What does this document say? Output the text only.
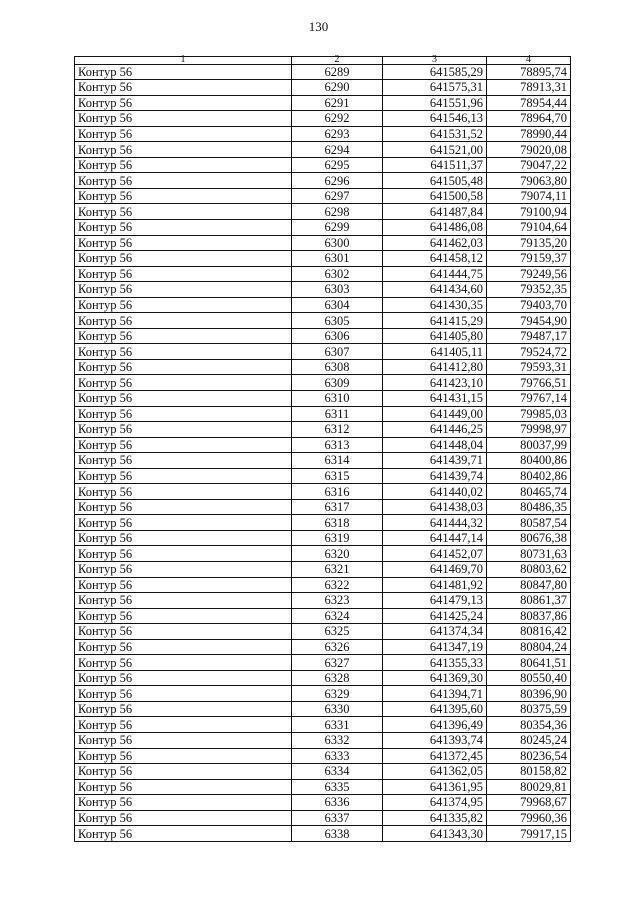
130
1	2	3	4
Контур 56	6289	641585,29	78895,74
Контур 56	6290	641575,31	78913,31
Контур 56	6291	641551,96	78954,44
Контур 56	6292	641546,13	78964,70
Контур 56	6293	641531,52	78990,44
Контур 56	6294	641521,00	79020,08
Контур 56	6295	641511,37	79047,22
Контур 56	6296	641505,48	79063,80
Контур 56	6297	641500,58	79074,11
Контур 56	6298	641487,84	79100,94
Контур 56	6299	641486,08	79104,64
Контур 56	6300	641462,03	79135,20
Контур 56	6301	641458,12	79159,37
Контур 56	6302	641444,75	79249,56
Контур 56	6303	641434,60	79352,35
Контур 56	6304	641430,35	79403,70
Контур 56	6305	641415,29	79454,90
Контур 56	6306	641405,80	79487,17
Контур 56	6307	641405,11	79524,72
Контур 56	6308	641412,80	79593,31
Контур 56	6309	641423,10	79766,51
Контур 56	6310	641431,15	79767,14
Контур 56	6311	641449,00	79985,03
Контур 56	6312	641446,25	79998,97
Контур 56	6313	641448,04	80037,99
Контур 56	6314	641439,71	80400,86
Контур 56	6315	641439,74	80402,86
Контур 56	6316	641440,02	80465,74
Контур 56	6317	641438,03	80486,35
Контур 56	6318	641444,32	80587,54
Контур 56	6319	641447,14	80676,38
Контур 56	6320	641452,07	80731,63
Контур 56	6321	641469,70	80803,62
Контур 56	6322	641481,92	80847,80
Контур 56	6323	641479,13	80861,37
Контур 56	6324	641425,24	80837,86
Контур 56	6325	641374,34	80816,42
Контур 56	6326	641347,19	80804,24
Контур 56	6327	641355,33	80641,51
Контур 56	6328	641369,30	80550,40
Контур 56	6329	641394,71	80396,90
Контур 56	6330	641395,60	80375,59
Контур 56	6331	641396,49	80354,36
Контур 56	6332	641393,74	80245,24
Контур 56	6333	641372,45	80236,54
Контур 56	6334	641362,05	80158,82
Контур 56	6335	641361,95	80029,81
Контур 56	6336	641374,95	79968,67
Контур 56	6337	641335,82	79960,36
Контур 56	6338	641343,30	79917,15
